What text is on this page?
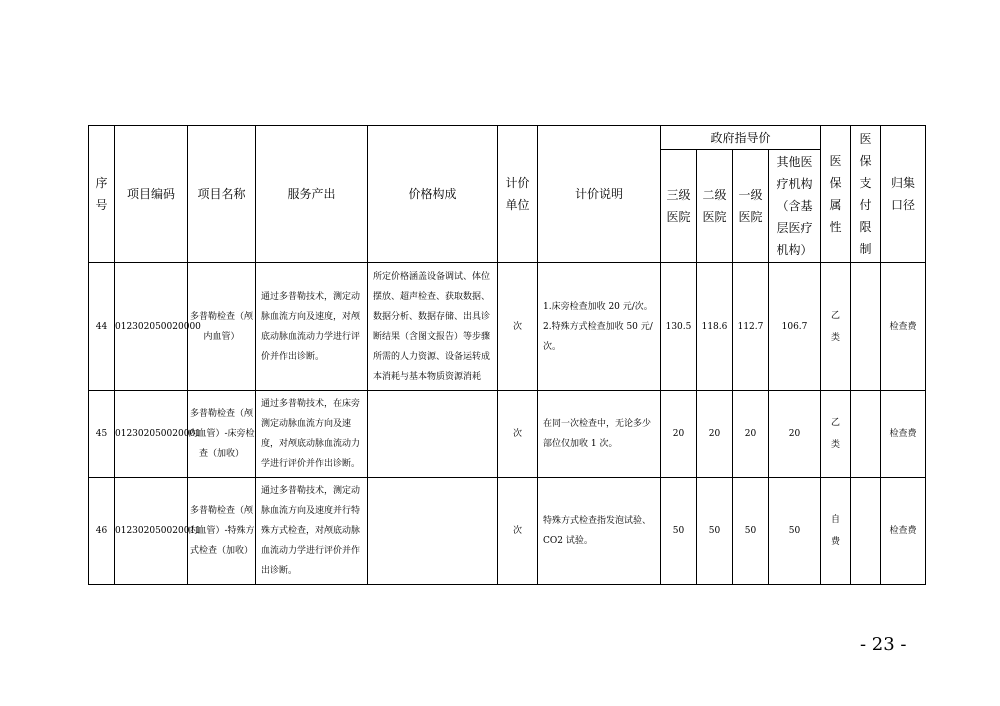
序号	项目编码	项目名称	服务产出	价格构成	计价单位	计价说明	政府指导价				医保属性	医保支付限制	归集口径
							三级医院	二级医院	一级医院	其他医疗机构（含基层医疗机构）			
44	012302050020000	多普勒检查（颅内血管）	通过多普勒技术，测定动脉血流方向及速度，对颅底动脉血流动力学进行评价并作出诊断。	所定价格涵盖设备调试、体位摆放、超声检查、获取数据、数据分析、数据存储、出具诊断结果（含图文报告）等步骤所需的人力资源、设备运转成本消耗与基本物质资源消耗	次	1.床旁检查加收 20 元/次。2.特殊方式检查加收 50 元/次。	130.5	118.6	112.7	106.7	乙类		检查费
45	012302050020001	多普勒检查（颅内血管）-床旁检查（加收）	通过多普勒技术，在床旁测定动脉血流方向及速度，对颅底动脉血流动力学进行评价并作出诊断。		次	在同一次检查中，无论多少部位仅加收 1 次。	20	20	20	20	乙类		检查费
46	012302050020011	多普勒检查（颅内血管）-特殊方式检查（加收）	通过多普勒技术，测定动脉血流方向及速度并行特殊方式检查，对颅底动脉血流动力学进行评价并作出诊断。		次	特殊方式检查指发泡试验、CO2 试验。	50	50	50	50	自费		检查费
- 23 -
